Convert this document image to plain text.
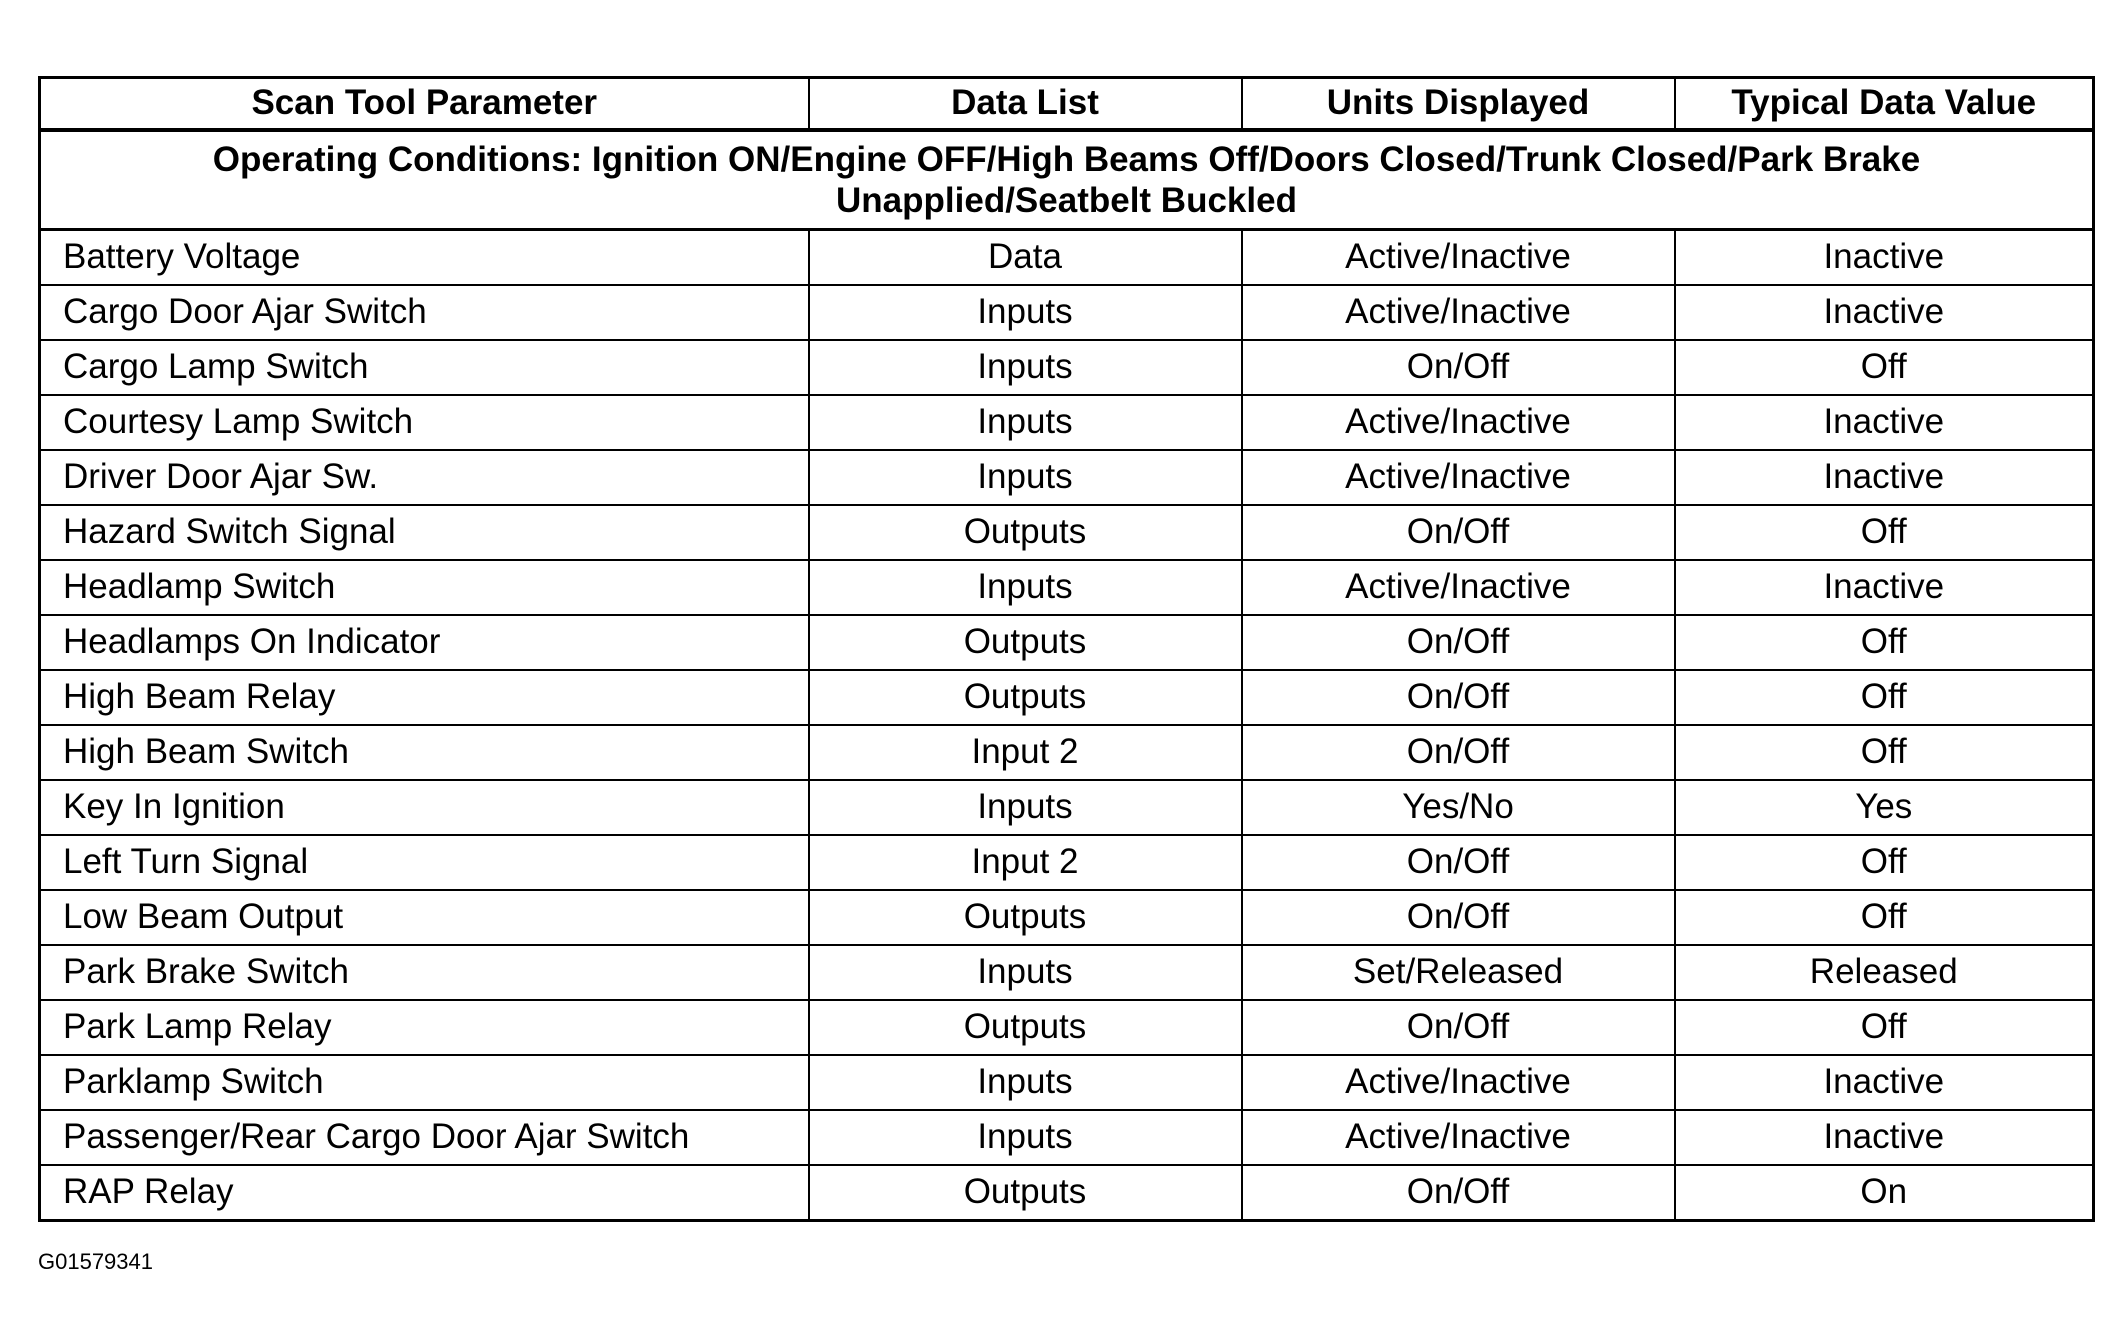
Scan Tool Parameter	Data List	Units Displayed	Typical Data Value
Operating Conditions: Ignition ON/Engine OFF/High Beams Off/Doors Closed/Trunk Closed/Park Brake Unapplied/Seatbelt Buckled			
Battery Voltage	Data	Active/Inactive	Inactive
Cargo Door Ajar Switch	Inputs	Active/Inactive	Inactive
Cargo Lamp Switch	Inputs	On/Off	Off
Courtesy Lamp Switch	Inputs	Active/Inactive	Inactive
Driver Door Ajar Sw.	Inputs	Active/Inactive	Inactive
Hazard Switch Signal	Outputs	On/Off	Off
Headlamp Switch	Inputs	Active/Inactive	Inactive
Headlamps On Indicator	Outputs	On/Off	Off
High Beam Relay	Outputs	On/Off	Off
High Beam Switch	Input 2	On/Off	Off
Key In Ignition	Inputs	Yes/No	Yes
Left Turn Signal	Input 2	On/Off	Off
Low Beam Output	Outputs	On/Off	Off
Park Brake Switch	Inputs	Set/Released	Released
Park Lamp Relay	Outputs	On/Off	Off
Parklamp Switch	Inputs	Active/Inactive	Inactive
Passenger/Rear Cargo Door Ajar Switch	Inputs	Active/Inactive	Inactive
RAP Relay	Outputs	On/Off	On
G01579341
